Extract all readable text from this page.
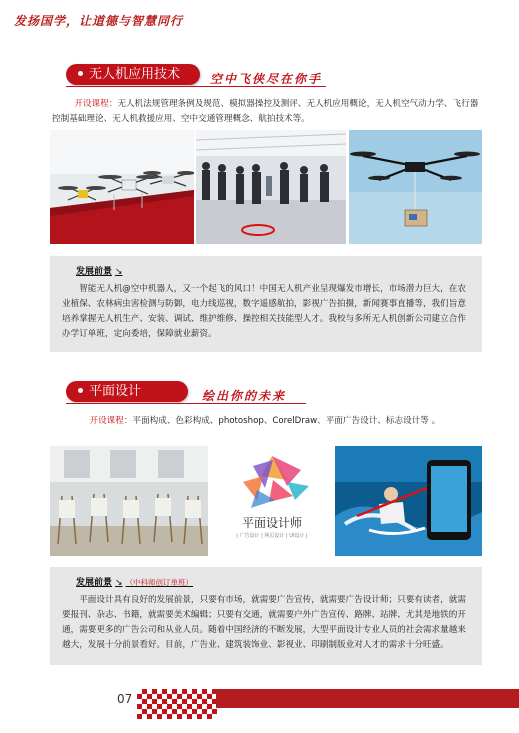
发扬国学，让道德与智慧同行
无人机应用技术	空中飞侠尽在你手
开设课程：无人机法规管理条例及规范、模拟器操控及测评、无人机应用概论，无人机空气动力学、飞行器控制基础理论、无人机救援应用、空中交通管理概念、航拍技术等。
发展前景 ↘
智能无人机@空中机器人，又一个起飞的风口！中国无人机产业呈现爆发市增长，市场潜力巨大，在农业植保、农林病虫害检测与防御，电力线巡视，数字遥感航拍，影视广告拍摄，新闻赛事直播等，我们旨意培养掌握无人机生产、安装、调试、维护维修、操控相关技能型人才。我校与多所无人机创新公司建立合作办学订单班，定向委培，保障就业薪资。
平面设计	绘出你的未来
开设课程：平面构成、色彩构成、photoshop、CorelDraw、平面广告设计、标志设计等 。
平面设计师
| 广告设计 | 网页设计 | UI设计 |
发展前景 ↘ （中科师创订单班）
平面设计具有良好的发展前景，只要有市场，就需要广告宣传，就需要广告设计师；只要有读者，就需要报刊、杂志、书籍，就需要美术编辑；只要有交通，就需要户外广告宣传、路牌、站牌、尤其是地铁的开通，需要更多的广告公司和从业人员。随着中国经济的不断发展，大型平面设计专业人员的社会需求量越来越大，发展十分前景看好。目前，广告业、建筑装饰业、影视业、印刷制版业对人才的需求十分旺盛。
07
